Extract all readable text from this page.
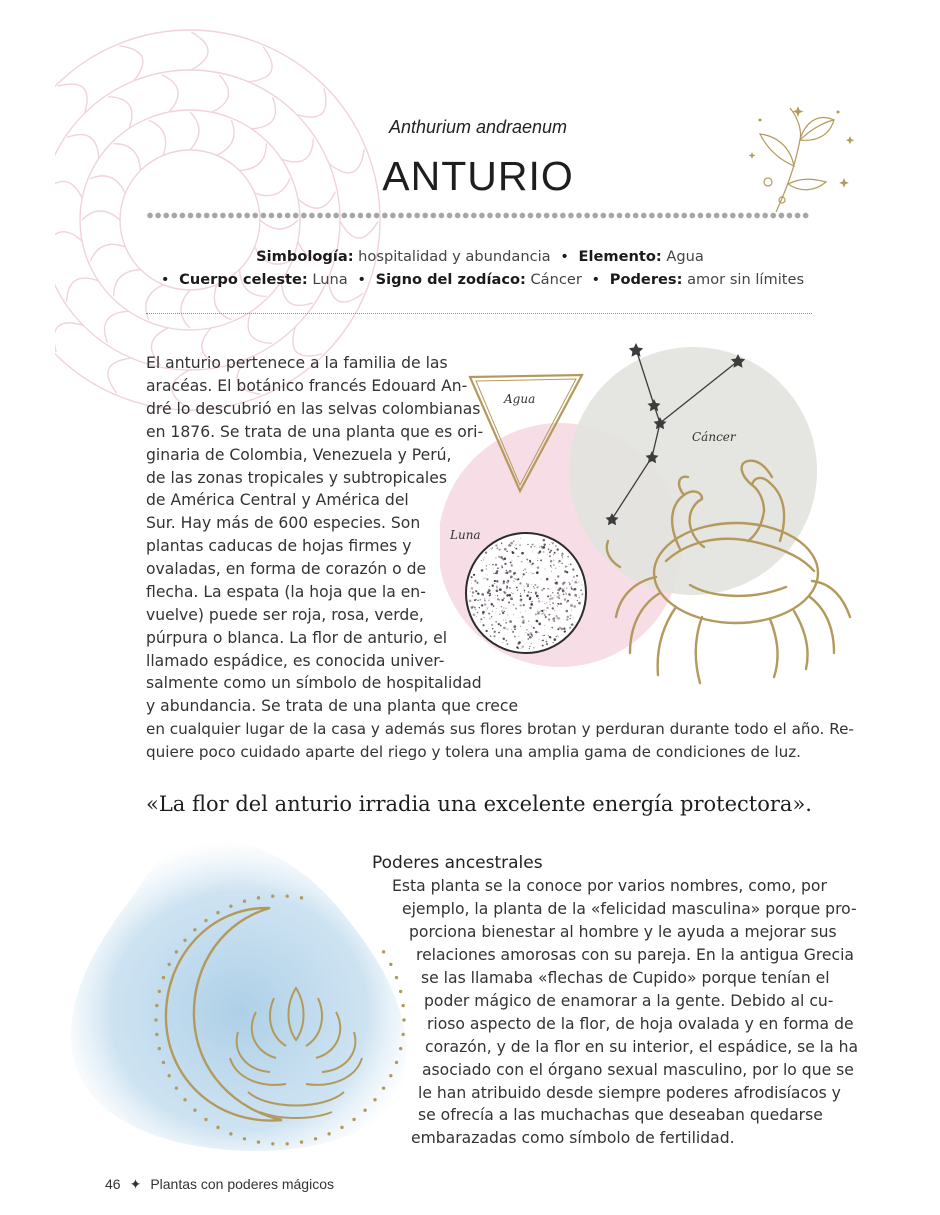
Anthurium andraenum
ANTURIO
Simbología: hospitalidad y abundancia • Elemento: Agua
• Cuerpo celeste: Luna • Signo del zodíaco: Cáncer • Poderes: amor sin límites
Agua
Cáncer
Luna
El anturio pertenece a la familia de las
aracéas. El botánico francés Edouard An-
dré lo descubrió en las selvas colombianas
en 1876. Se trata de una planta que es ori-
ginaria de Colombia, Venezuela y Perú,
de las zonas tropicales y subtropicales
de América Central y América del
Sur. Hay más de 600 especies. Son
plantas caducas de hojas firmes y
ovaladas, en forma de corazón o de
flecha. La espata (la hoja que la en-
vuelve) puede ser roja, rosa, verde,
púrpura o blanca. La flor de anturio, el
llamado espádice, es conocida univer-
salmente como un símbolo de hospitalidad
y abundancia. Se trata de una planta que crece
en cualquier lugar de la casa y además sus flores brotan y perduran durante todo el año. Re-
quiere poco cuidado aparte del riego y tolera una amplia gama de condiciones de luz.
«La flor del anturio irradia una excelente energía protectora».
Poderes ancestrales
Esta planta se la conoce por varios nombres, como, por
ejemplo, la planta de la «felicidad masculina» porque pro-
porciona bienestar al hombre y le ayuda a mejorar sus
relaciones amorosas con su pareja. En la antigua Grecia
se las llamaba «flechas de Cupido» porque tenían el
poder mágico de enamorar a la gente. Debido al cu-
rioso aspecto de la flor, de hoja ovalada y en forma de
corazón, y de la flor en su interior, el espádice, se la ha
asociado con el órgano sexual masculino, por lo que se
le han atribuido desde siempre poderes afrodisíacos y
se ofrecía a las muchachas que deseaban quedarse
embarazadas como símbolo de fertilidad.
46 ✦ Plantas con poderes mágicos
